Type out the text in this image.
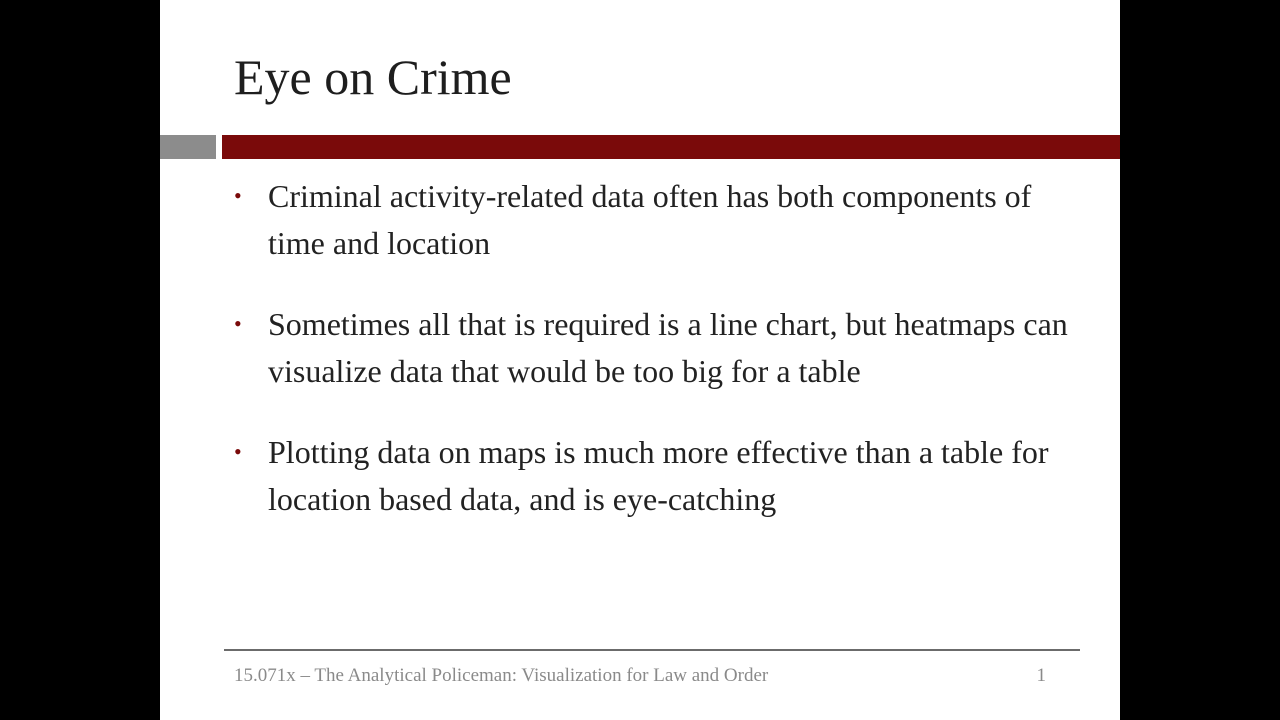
Eye on Crime
• Criminal activity-related data often has both components of time and location
• Sometimes all that is required is a line chart, but heatmaps can visualize data that would be too big for a table
• Plotting data on maps is much more effective than a table for location based data, and is eye-catching
15.071x – The Analytical Policeman: Visualization for Law and Order	1
